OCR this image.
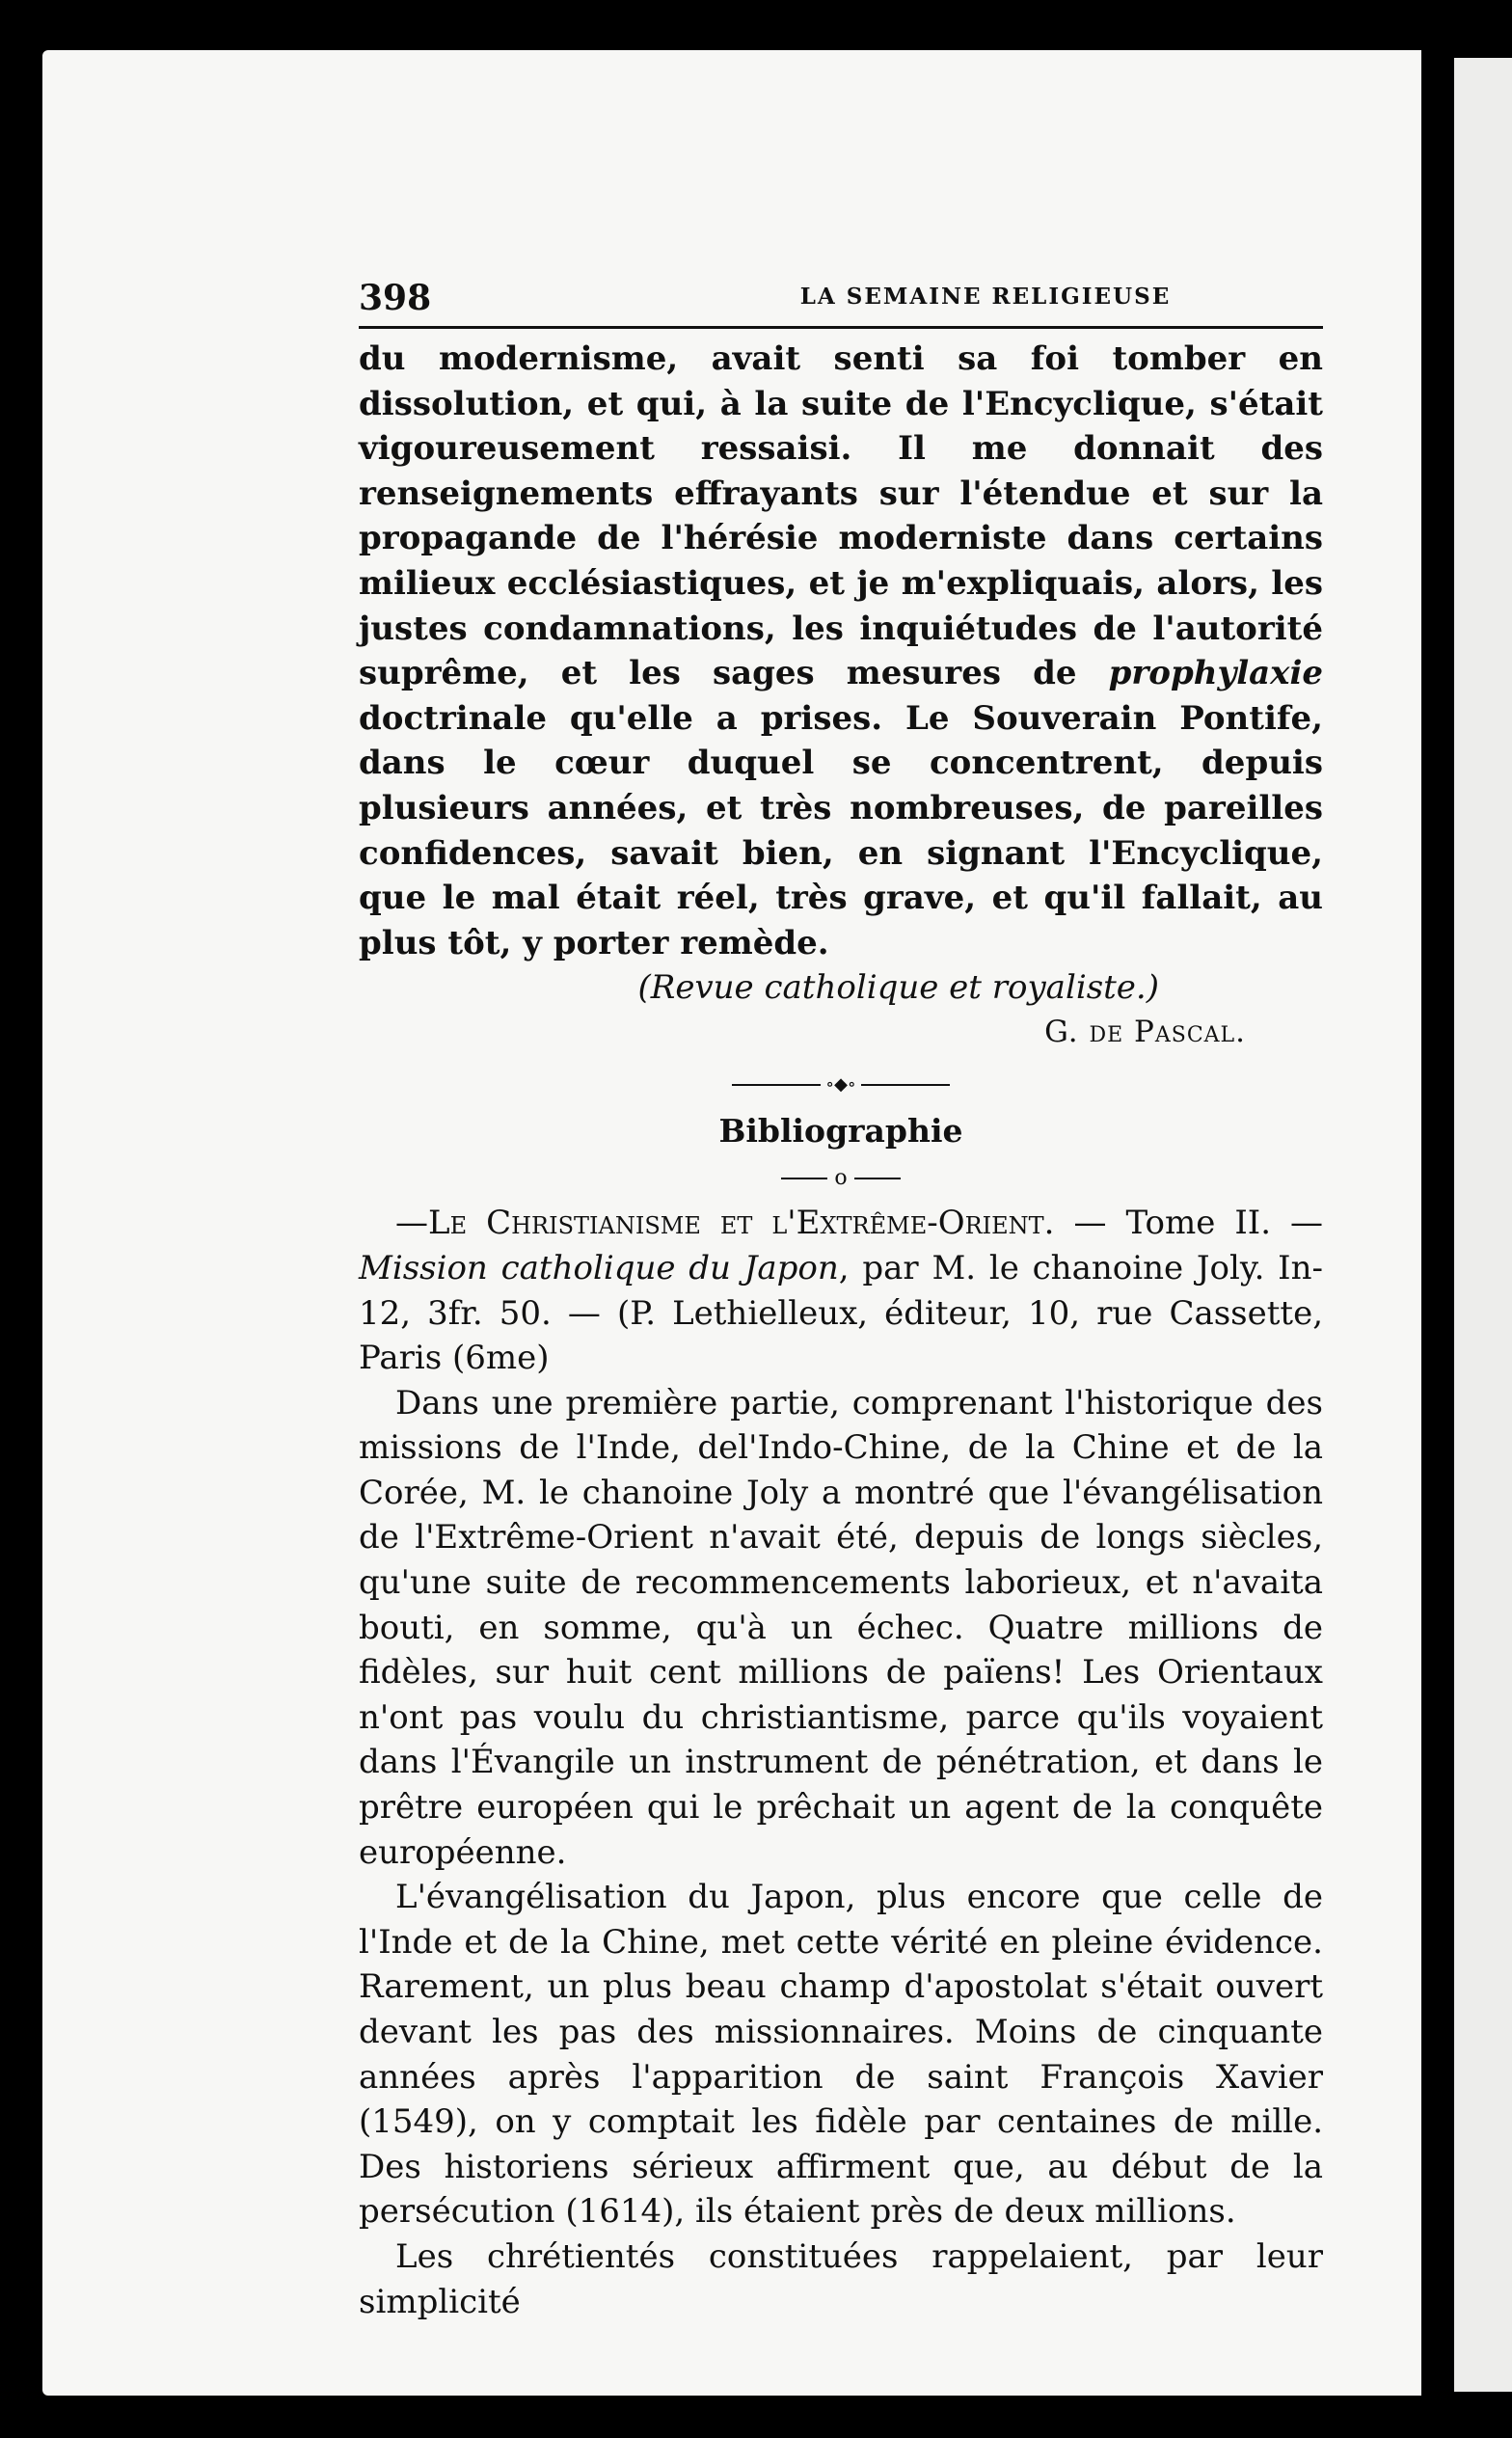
398	LA SEMAINE RELIGIEUSE

du modernisme, avait senti sa foi tomber en dissolution, et qui, à la suite de l'Encyclique, s'était vigoureusement ressaisi. Il me donnait des renseignements effrayants sur l'étendue et sur la propagande de l'hérésie moderniste dans certains milieux ecclésiastiques, et je m'expliquais, alors, les justes condamnations, les inquiétudes de l'autorité suprême, et les sages mesures de prophylaxie doctrinale qu'elle a prises. Le Souverain Pontife, dans le cœur duquel se concentrent, depuis plusieurs années, et très nombreuses, de pareilles confidences, savait bien, en signant l'Encyclique, que le mal était réel, très grave, et qu'il fallait, au plus tôt, y porter remède.

(Revue catholique et royaliste.)
G. de Pascal.
∘◆∘
Bibliographie
o

—Le Christianisme et l'Extrême-Orient. — Tome II. — Mission catholique du Japon, par M. le chanoine Joly. In-12, 3fr. 50. — (P. Lethielleux, éditeur, 10, rue Cassette, Paris (6me)

Dans une première partie, comprenant l'historique des missions de l'Inde, del'Indo-Chine, de la Chine et de la Corée, M. le chanoine Joly a montré que l'évangélisation de l'Extrême-Orient n'avait été, depuis de longs siècles, qu'une suite de recommencements laborieux, et n'avaita bouti, en somme, qu'à un échec. Quatre millions de fidèles, sur huit cent millions de païens! Les Orientaux n'ont pas voulu du christiantisme, parce qu'ils voyaient dans l'Évangile un instrument de pénétration, et dans le prêtre européen qui le prêchait un agent de la conquête européenne.

L'évangélisation du Japon, plus encore que celle de l'Inde et de la Chine, met cette vérité en pleine évidence. Rarement, un plus beau champ d'apostolat s'était ouvert devant les pas des missionnaires. Moins de cinquante années après l'apparition de saint François Xavier (1549), on y comptait les fidèle par centaines de mille. Des historiens sérieux affirment que, au début de la persécution (1614), ils étaient près de deux millions.

Les chrétientés constituées rappelaient, par leur simplicité
